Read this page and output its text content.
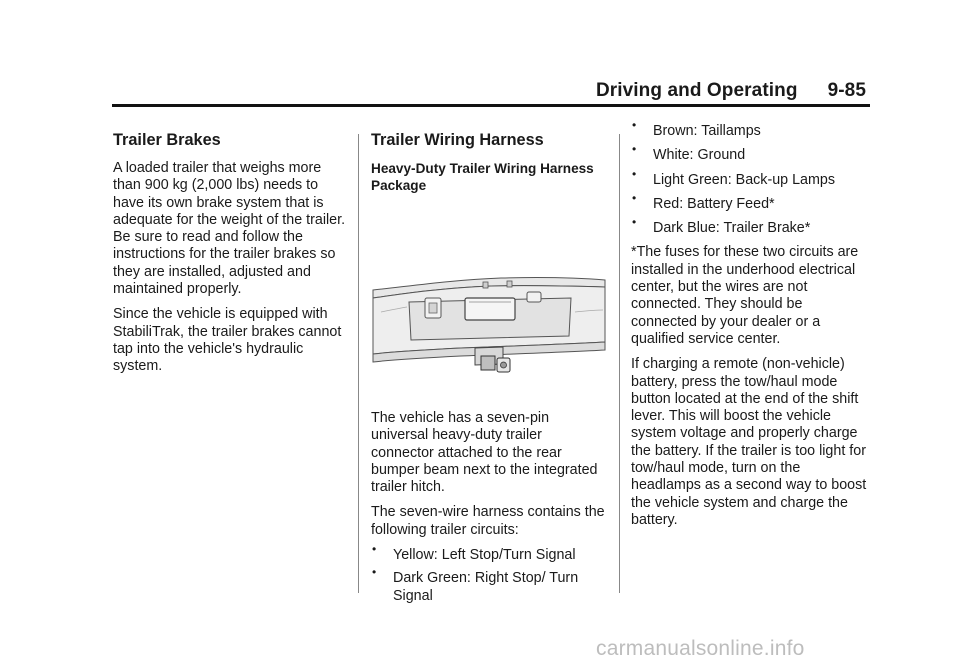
Driving and Operating 9-85
Trailer Brakes

A loaded trailer that weighs more than 900 kg (2,000 lbs) needs to have its own brake system that is adequate for the weight of the trailer. Be sure to read and follow the instructions for the trailer brakes so they are installed, adjusted and maintained properly.

Since the vehicle is equipped with StabiliTrak, the trailer brakes cannot tap into the vehicle's hydraulic system.

Trailer Wiring Harness
Heavy-Duty Trailer Wiring Harness Package

The vehicle has a seven-pin universal heavy-duty trailer connector attached to the rear bumper beam next to the integrated trailer hitch.

The seven-wire harness contains the following trailer circuits:

• Yellow: Left Stop/Turn Signal
• Dark Green: Right Stop/ Turn Signal
• Brown: Taillamps
• White: Ground
• Light Green: Back-up Lamps
• Red: Battery Feed*
• Dark Blue: Trailer Brake*

*The fuses for these two circuits are installed in the underhood electrical center, but the wires are not connected. They should be connected by your dealer or a qualified service center.

If charging a remote (non-vehicle) battery, press the tow/haul mode button located at the end of the shift lever. This will boost the vehicle system voltage and properly charge the battery. If the trailer is too light for tow/haul mode, turn on the headlamps as a second way to boost the vehicle system and charge the battery.

carmanualsonline.info
